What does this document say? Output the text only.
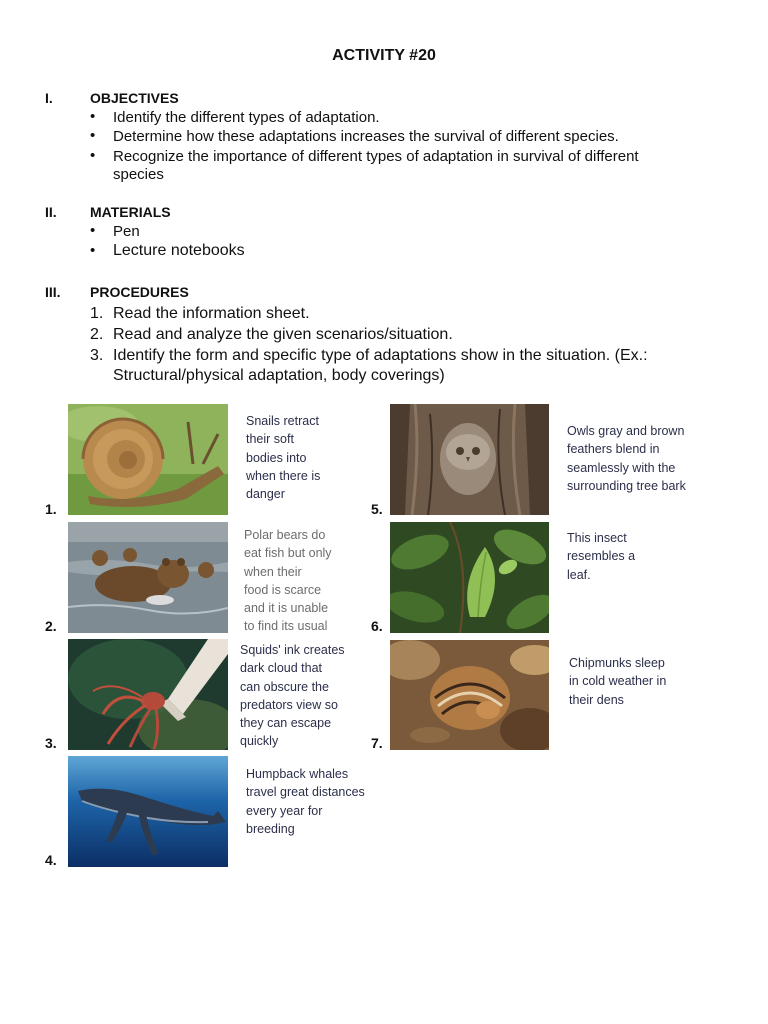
ACTIVITY #20
I.	OBJECTIVES
• Identify the different types of adaptation.
• Determine how these adaptations increases the survival of different species.
• Recognize the importance of different types of adaptation in survival of different
species
II. MATERIALS
• Pen
• Lecture notebooks
III. PROCEDURES
1. Read the information sheet.
2. Read and analyze the given scenarios/situation.
3. Identify the form and specific type of adaptations show in the situation. (Ex.:
Structural/physical adaptation, body coverings)
1.
Snails retract
their soft
bodies into
when there is
danger
2.
Polar bears do
eat fish but only
when their
food is scarce
and it is unable
to find its usual
3.
Squids' ink creates
dark cloud that
can obscure the
predators view so
they can escape
quickly
4.
Humpback whales
travel great distances
every year for
breeding
5.
Owls gray and brown
feathers blend in
seamlessly with the
surrounding tree bark
6.
This insect
resembles a
leaf.
7.
Chipmunks sleep
in cold weather in
their dens
